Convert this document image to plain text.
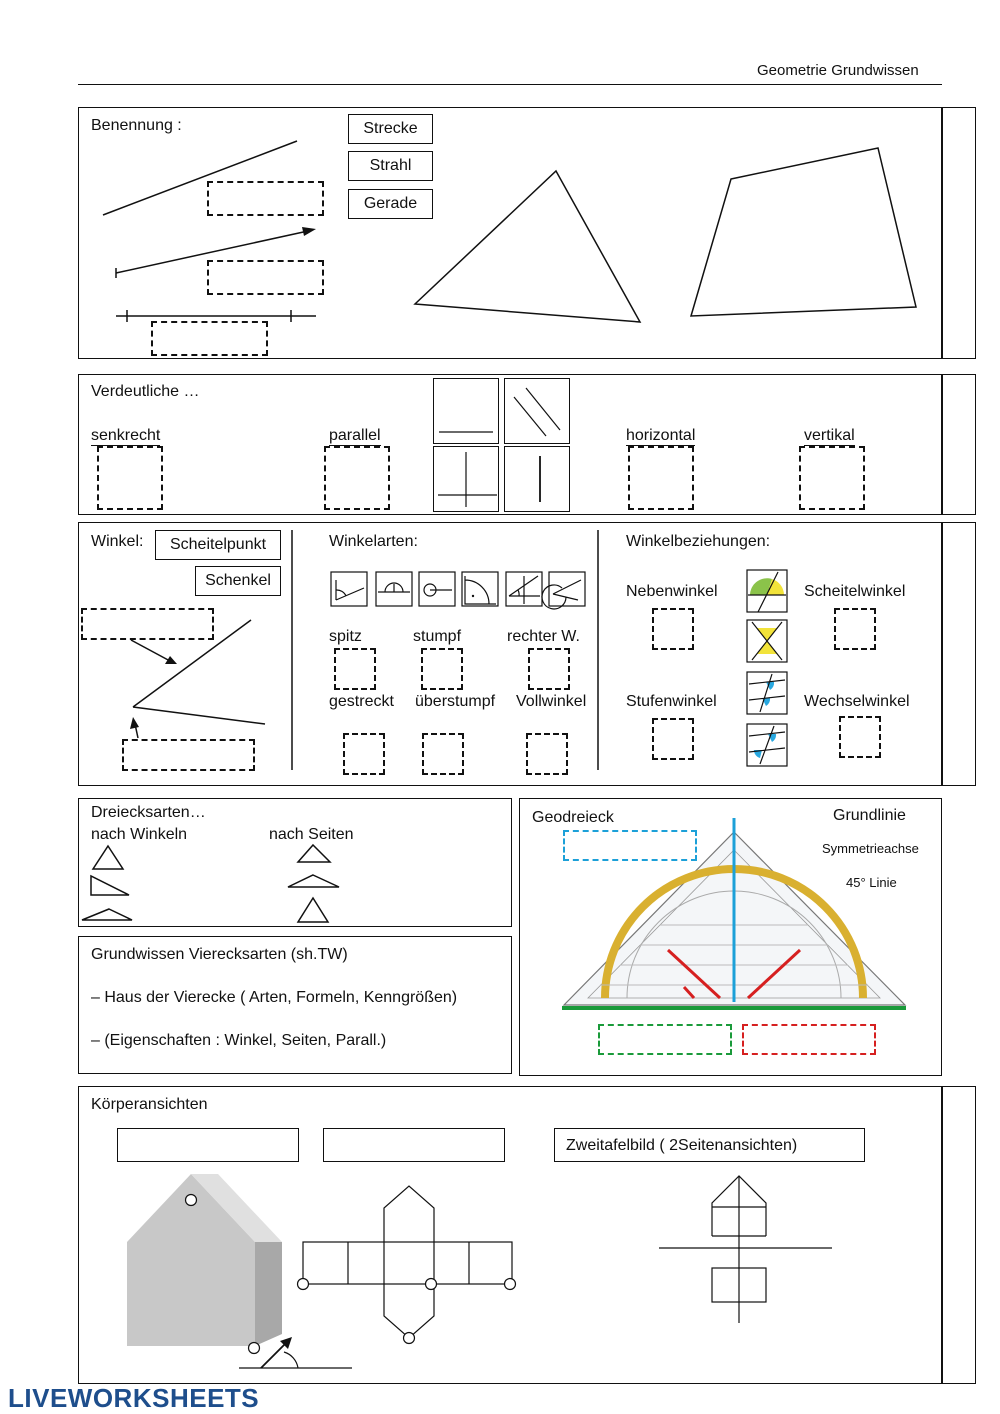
Geometrie Grundwissen
Benennung :	Strecke
Strahl
Gerade
Verdeutliche …
senkrecht	parallel	horizontal	vertikal
Winkel:	Scheitelpunkt
Schenkel
Winkelarten:
spitz	stumpf	rechter W.
gestreckt überstumpf Vollwinkel
Winkelbeziehungen:
Nebenwinkel	Scheitelwinkel
Stufenwinkel	Wechselwinkel
Dreiecksarten…
nach Winkeln	nach Seiten
Grundwissen Vierecksarten (sh.TW)
– Haus der Vierecke ( Arten, Formeln, Kenngrößen)
– (Eigenschaften : Winkel, Seiten, Parall.)
Geodreieck	Grundlinie
Symmetrieachse
45° Linie
Körperansichten
Zweitafelbild ( 2Seitenansichten)
LIVEWORKSHEETS
